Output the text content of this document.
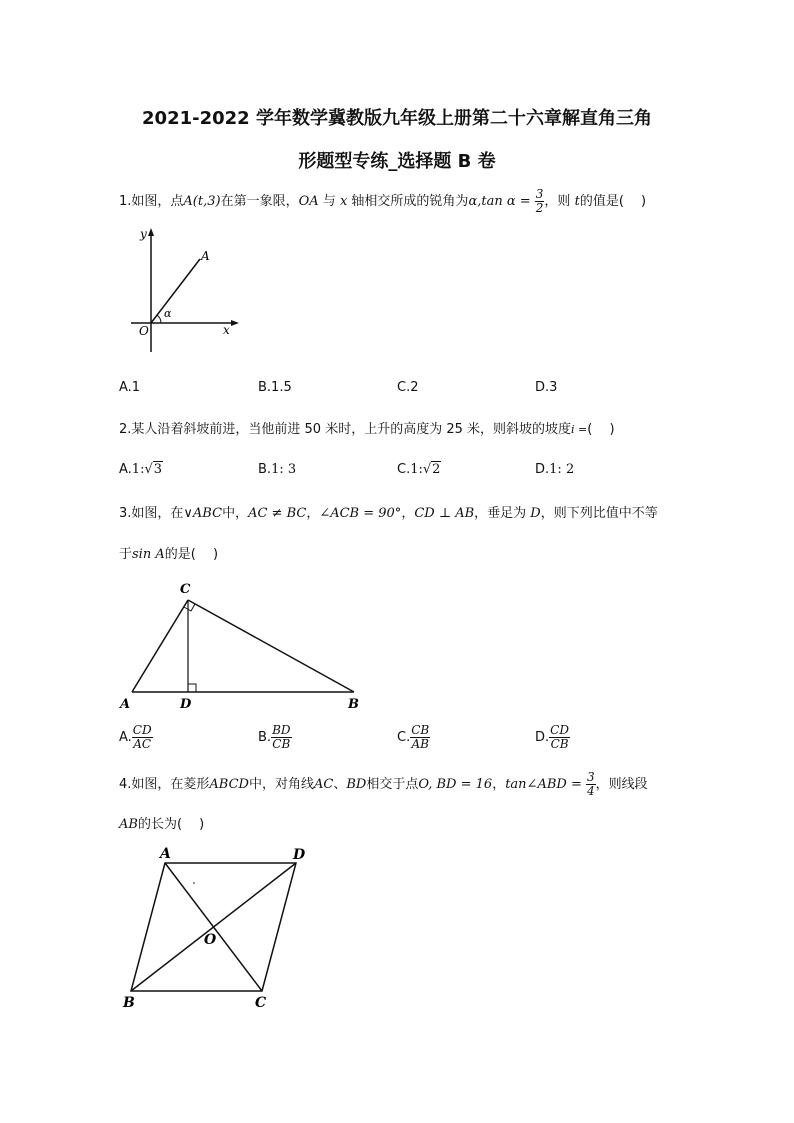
2021-2022 学年数学冀教版九年级上册第二十六章解直角三角
形题型专练_选择题 B 卷
1.如图，点A(t,3)在第一象限，OA 与 x 轴相交所成的锐角为α,tan $\alpha = \frac{3}{2}$ ，则 t的值是(　 )
y
x
A
O
α
A.1	B.1.5	C.2	D.3
2.某人沿着斜坡前进，当他前进 50 米时，上升的高度为 25 米，则斜坡的坡度i =(　 )
A.1:√3	B.1: 3	C.1:√2	D.1: 2
3.如图，在∨ABC中，AC ≠ BC，∠ACB = 90°，CD ⊥ AB，垂足为 D，则下列比值中不等
于sin A的是(　 )
C
A	D	B
A. $\frac{CD}{AC}$	B. $\frac{BD}{CB}$	C. $\frac{CB}{AB}$	D. $\frac{CD}{CB}$
4.如图，在菱形ABCD中，对角线AC、BD相交于点O, BD = 16，tan∠ABD = $\frac{3}{4}$ ，则线段
AB的长为(　 )
A	D
O
B	C
